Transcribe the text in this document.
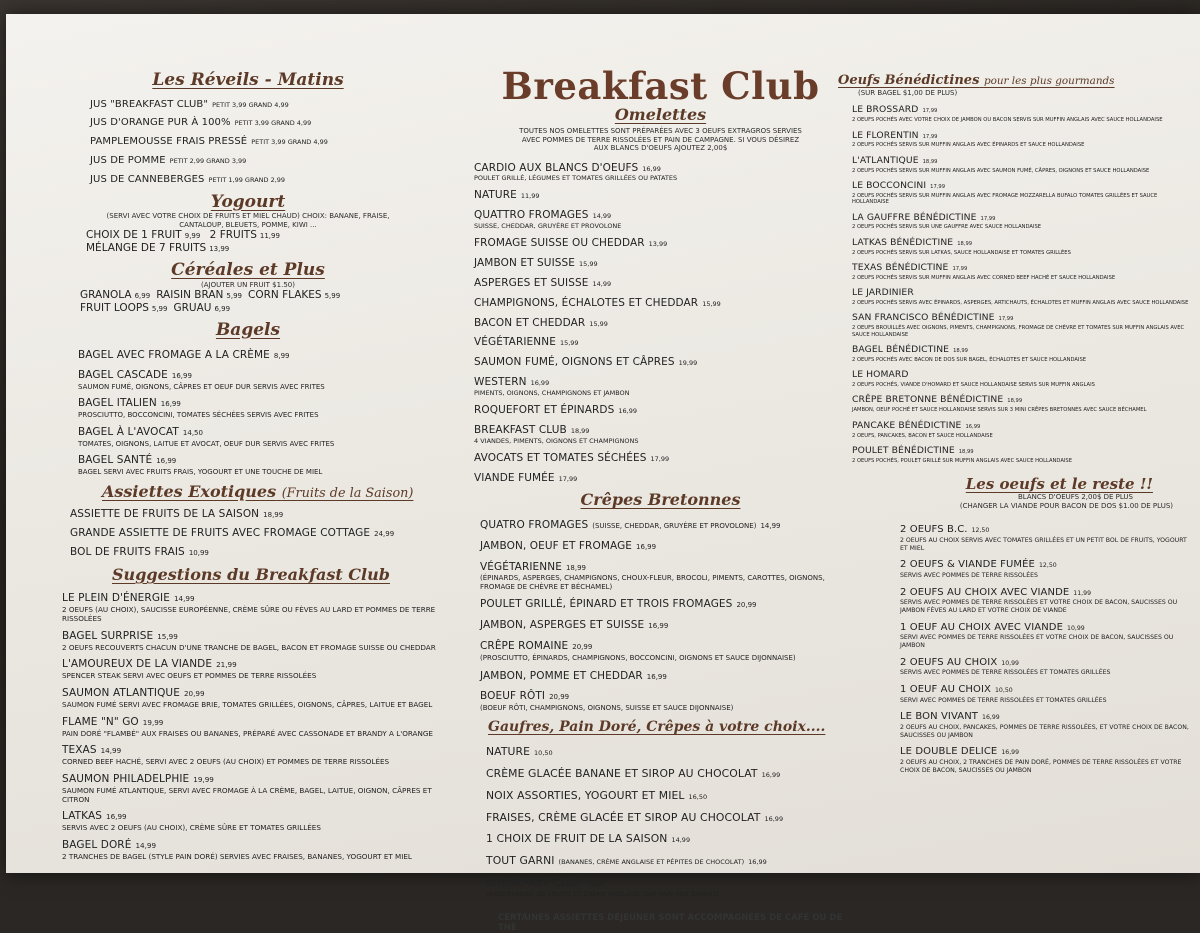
Les Réveils - Matins
JUS "BREAKFAST CLUB" PETIT 3,99 GRAND 4,99
JUS D'ORANGE PUR À 100% PETIT 3,99 GRAND 4,99
PAMPLEMOUSSE FRAIS PRESSÉ PETIT 3,99 GRAND 4,99
JUS DE POMME PETIT 2,99 GRAND 3,99
JUS DE CANNEBERGES PETIT 1,99 GRAND 2,99
Yogourt

(SERVI AVEC VOTRE CHOIX DE FRUITS ET MIEL CHAUD) CHOIX: BANANE, FRAISE, CANTALOUP, BLEUETS, POMME, KIWI ...

CHOIX DE 1 FRUIT 9,99 2 FRUITS 11,99
MÉLANGE DE 7 FRUITS 13,99
Céréales et Plus

(AJOUTER UN FRUIT $1.50)

GRANOLA 6,99 RAISIN BRAN 5,99 CORN FLAKES 5,99
FRUIT LOOPS 5,99 GRUAU 6,99
Bagels
BAGEL AVEC FROMAGE A LA CRÈME 8,99
BAGEL CASCADE 16,99
SAUMON FUMÉ, OIGNONS, CÂPRES ET OEUF DUR SERVIS AVEC FRITES
BAGEL ITALIEN 16,99
PROSCIUTTO, BOCCONCINI, TOMATES SÉCHÉES SERVIS AVEC FRITES
BAGEL À L'AVOCAT 14,50
TOMATES, OIGNONS, LAITUE ET AVOCAT, OEUF DUR SERVIS AVEC FRITES
BAGEL SANTÉ 16,99
BAGEL SERVI AVEC FRUITS FRAIS, YOGOURT ET UNE TOUCHE DE MIEL
Assiettes Exotiques (Fruits de la Saison)
ASSIETTE DE FRUITS DE LA SAISON 18,99
GRANDE ASSIETTE DE FRUITS AVEC FROMAGE COTTAGE 24,99
BOL DE FRUITS FRAIS 10,99
Suggestions du Breakfast Club
LE PLEIN D'ÉNERGIE 14,99
2 OEUFS (AU CHOIX), SAUCISSE EUROPÉENNE, CRÈME SÛRE OU FÈVES AU LARD ET POMMES DE TERRE RISSOLÉES
BAGEL SURPRISE 15,99
2 OEUFS RECOUVERTS CHACUN D'UNE TRANCHE DE BAGEL, BACON ET FROMAGE SUISSE OU CHEDDAR
L'AMOUREUX DE LA VIANDE 21,99
SPENCER STEAK SERVI AVEC OEUFS ET POMMES DE TERRE RISSOLÉES
SAUMON ATLANTIQUE 20,99
SAUMON FUMÉ SERVI AVEC FROMAGE BRIE, TOMATES GRILLÉES, OIGNONS, CÂPRES, LAITUE ET BAGEL
FLAME "N" GO 19,99
PAIN DORÉ "FLAMBÉ" AUX FRAISES OU BANANES, PRÉPARÉ AVEC CASSONADE ET BRANDY A L'ORANGE
TEXAS 14,99
CORNED BEEF HACHÉ, SERVI AVEC 2 OEUFS (AU CHOIX) ET POMMES DE TERRE RISSOLÉES
SAUMON PHILADELPHIE 19,99
SAUMON FUMÉ ATLANTIQUE, SERVI AVEC FROMAGE À LA CRÈME, BAGEL, LAITUE, OIGNON, CÂPRES ET CITRON
LATKAS 16,99
SERVIS AVEC 2 OEUFS (AU CHOIX), CRÈME SÛRE ET TOMATES GRILLÉES
BAGEL DORÉ 14,99
2 TRANCHES DE BAGEL (STYLE PAIN DORÉ) SERVIES AVEC FRAISES, BANANES, YOGOURT ET MIEL
Breakfast Club
Omelettes

TOUTES NOS OMELETTES SONT PRÉPARÉES AVEC 3 OEUFS EXTRAGROS SERVIES AVEC POMMES DE TERRE RISSOLÉES ET PAIN DE CAMPAGNE. SI VOUS DÉSIREZ AUX BLANCS D'OEUFS AJOUTEZ 2,00$

CARDIO AUX BLANCS D'OEUFS 16,99
POULET GRILLÉ, LÉGUMES ET TOMATES GRILLÉES OU PATATES
NATURE 11,99
QUATTRO FROMAGES 14,99
SUISSE, CHEDDAR, GRUYÈRE ET PROVOLONE
FROMAGE SUISSE OU CHEDDAR 13,99
JAMBON ET SUISSE 15,99
ASPERGES ET SUISSE 14,99
CHAMPIGNONS, ÉCHALOTES ET CHEDDAR 15,99
BACON ET CHEDDAR 15,99
VÉGÉTARIENNE 15,99
SAUMON FUMÉ, OIGNONS ET CÂPRES 19,99
WESTERN 16,99
PIMENTS, OIGNONS, CHAMPIGNONS ET JAMBON
ROQUEFORT ET ÉPINARDS 16,99
BREAKFAST CLUB 18,99
4 VIANDES, PIMENTS, OIGNONS ET CHAMPIGNONS
AVOCATS ET TOMATES SÉCHÉES 17,99
VIANDE FUMÉE 17,99
Crêpes Bretonnes
QUATRO FROMAGES (SUISSE, CHEDDAR, GRUYÈRE ET PROVOLONE) 14,99
JAMBON, OEUF ET FROMAGE 16,99
VÉGÉTARIENNE 18,99
(ÉPINARDS, ASPERGES, CHAMPIGNONS, CHOUX-FLEUR, BROCOLI, PIMENTS, CAROTTES, OIGNONS, FROMAGE DE CHÈVRE ET BÉCHAMEL)
POULET GRILLÉ, ÉPINARD ET TROIS FROMAGES 20,99
JAMBON, ASPERGES ET SUISSE 16,99
CRÊPE ROMAINE 20,99
(PROSCIUTTO, ÉPINARDS, CHAMPIGNONS, BOCCONCINI, OIGNONS ET SAUCE DIJONNAISE)
JAMBON, POMME ET CHEDDAR 16,99
BOEUF RÔTI 20,99
(BOEUF RÔTI, CHAMPIGNONS, OIGNONS, SUISSE ET SAUCE DIJONNAISE)
Gaufres, Pain Doré, Crêpes à votre choix....
NATURE 10,50
CRÈME GLACÉE BANANE ET SIROP AU CHOCOLAT 16,99
NOIX ASSORTIES, YOGOURT ET MIEL 16,50
FRAISES, CRÈME GLACÉE ET SIROP AU CHOCOLAT 16,99
1 CHOIX DE FRUIT DE LA SAISON 14,99
TOUT GARNI (BANANES, CRÈME ANGLAISE ET PÉPITES DE CHOCOLAT) 16,99
BREAKFAST CLUB 16,99
(ASSORTIMENT DE FRUITS ET CRÈME ANGLAISE SUR PAIN AUX RAISINS)
CERTAINES ASSIETTES DÉJEUNER SONT ACCOMPAGNÉES DE CAFÉ OU DE THÉ
Oeufs Bénédictines pour les plus gourmands

(SUR BAGEL $1,00 DE PLUS)

LE BROSSARD 17,99
2 OEUFS POCHÉS AVEC VOTRE CHOIX DE JAMBON OU BACON SERVIS SUR MUFFIN ANGLAIS AVEC SAUCE HOLLANDAISE
LE FLORENTIN 17,99
2 OEUFS POCHÉS SERVIS SUR MUFFIN ANGLAIS AVEC ÉPINARDS ET SAUCE HOLLANDAISE
L'ATLANTIQUE 18,99
2 OEUFS POCHÉS SERVIS SUR MUFFIN ANGLAIS AVEC SAUMON FUMÉ, CÂPRES, OIGNONS ET SAUCE HOLLANDAISE
LE BOCCONCINI 17,99
2 OEUFS POCHÉS SERVIS SUR MUFFIN ANGLAIS AVEC FROMAGE MOZZARELLA BUFALO TOMATES GRILLÉES ET SAUCE HOLLANDAISE
LA GAUFFRE BÉNÉDICTINE 17,99
2 OEUFS POCHÉS SERVIS SUR UNE GAUFFRE AVEC SAUCE HOLLANDAISE
LATKAS BÉNÉDICTINE 18,99
2 OEUFS POCHÉS SERVIS SUR LATKAS, SAUCE HOLLANDAISE ET TOMATES GRILLÉES
TEXAS BÉNÉDICTINE 17,99
2 OEUFS POCHÉS SERVIS SUR MUFFIN ANGLAIS AVEC CORNED BEEF HACHÉ ET SAUCE HOLLANDAISE
LE JARDINIER
2 OEUFS POCHÉS SERVIS AVEC ÉPINARDS, ASPERGES, ARTICHAUTS, ÉCHALOTES ET MUFFIN ANGLAIS AVEC SAUCE HOLLANDAISE
SAN FRANCISCO BÉNÉDICTINE 17,99
2 OEUFS BROUILLÉS AVEC OIGNONS, PIMENTS, CHAMPIGNONS, FROMAGE DE CHÈVRE ET TOMATES SUR MUFFIN ANGLAIS AVEC SAUCE HOLLANDAISE
BAGEL BÉNÉDICTINE 18,99
2 OEUFS POCHÉS AVEC BACON DE DOS SUR BAGEL, ÉCHALOTES ET SAUCE HOLLANDAISE
LE HOMARD
2 OEUFS POCHÉS, VIANDE D'HOMARD ET SAUCE HOLLANDAISE SERVIS SUR MUFFIN ANGLAIS
CRÊPE BRETONNE BÉNÉDICTINE 18,99
JAMBON, OEUF POCHÉ ET SAUCE HOLLANDAISE SERVIS SUR 3 MINI CRÊPES BRETONNES AVEC SAUCE BÉCHAMEL
PANCAKE BÉNÉDICTINE 16,99
2 OEUFS, PANCAKES, BACON ET SAUCE HOLLANDAISE
POULET BÉNÉDICTINE 18,99
2 OEUFS POCHÉS, POULET GRILLÉ SUR MUFFIN ANGLAIS AVEC SAUCE HOLLANDAISE
Les oeufs et le reste !!

BLANCS D'OEUFS 2,00$ DE PLUS

(CHANGER LA VIANDE POUR BACON DE DOS $1.00 DE PLUS)

2 OEUFS B.C. 12,50
2 OEUFS AU CHOIX SERVIS AVEC TOMATES GRILLÉES ET UN PETIT BOL DE FRUITS, YOGOURT ET MIEL
2 OEUFS & VIANDE FUMÉE 12,50
SERVIS AVEC POMMES DE TERRE RISSOLÉES
2 OEUFS AU CHOIX AVEC VIANDE 11,99
SERVIS AVEC POMMES DE TERRE RISSOLÉES ET VOTRE CHOIX DE BACON, SAUCISSES OU JAMBON FÈVES AU LARD ET VOTRE CHOIX DE VIANDE
1 OEUF AU CHOIX AVEC VIANDE 10,99
SERVI AVEC POMMES DE TERRE RISSOLÉES ET VOTRE CHOIX DE BACON, SAUCISSES OU JAMBON
2 OEUFS AU CHOIX 10,99
SERVIS AVEC POMMES DE TERRE RISSOLÉES ET TOMATES GRILLÉES
1 OEUF AU CHOIX 10,50
SERVI AVEC POMMES DE TERRE RISSOLÉES ET TOMATES GRILLÉES
LE BON VIVANT 16,99
2 OEUFS AU CHOIX, PANCAKES, POMMES DE TERRE RISSOLÉES, ET VOTRE CHOIX DE BACON, SAUCISSES OU JAMBON
LE DOUBLE DELICE 16,99
2 OEUFS AU CHOIX, 2 TRANCHES DE PAIN DORÉ, POMMES DE TERRE RISSOLÉES ET VOTRE CHOIX DE BACON, SAUCISSES OU JAMBON
